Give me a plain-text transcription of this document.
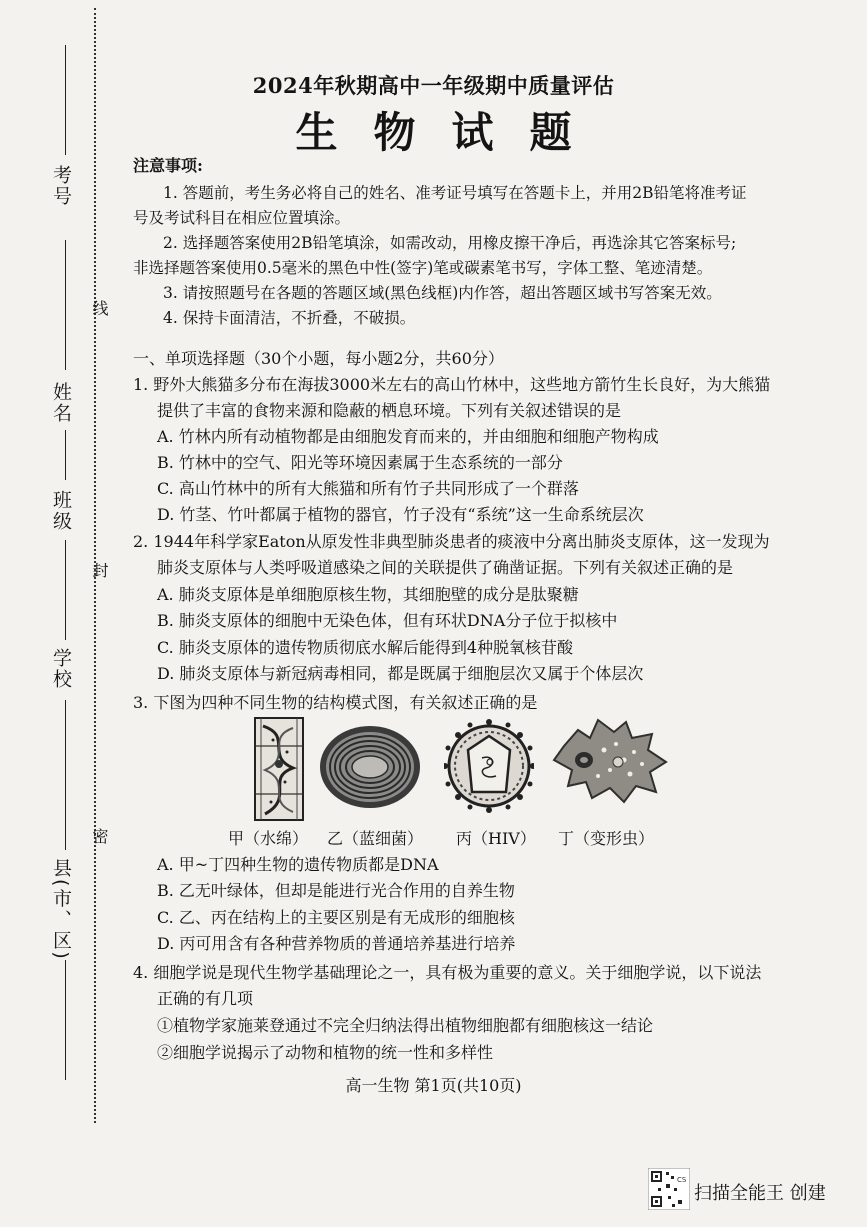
考号
姓名
班级
学校
县(市、区)
线
封
密
2024年秋期高中一年级期中质量评估
生物试题
注意事项:
1. 答题前，考生务必将自己的姓名、准考证号填写在答题卡上，并用2B铅笔将准考证
号及考试科目在相应位置填涂。
2. 选择题答案使用2B铅笔填涂，如需改动，用橡皮擦干净后，再选涂其它答案标号;
非选择题答案使用0.5毫米的黑色中性(签字)笔或碳素笔书写，字体工整、笔迹清楚。
3. 请按照题号在各题的答题区域(黑色线框)内作答，超出答题区域书写答案无效。
4. 保持卡面清洁，不折叠，不破损。
一、单项选择题（30个小题，每小题2分，共60分）
1. 野外大熊猫多分布在海拔3000米左右的高山竹林中，这些地方箭竹生长良好，为大熊猫
提供了丰富的食物来源和隐蔽的栖息环境。下列有关叙述错误的是
A. 竹林内所有动植物都是由细胞发育而来的，并由细胞和细胞产物构成
B. 竹林中的空气、阳光等环境因素属于生态系统的一部分
C. 高山竹林中的所有大熊猫和所有竹子共同形成了一个群落
D. 竹茎、竹叶都属于植物的器官，竹子没有“系统”这一生命系统层次
2. 1944年科学家Eaton从原发性非典型肺炎患者的痰液中分离出肺炎支原体，这一发现为
肺炎支原体与人类呼吸道感染之间的关联提供了确凿证据。下列有关叙述正确的是
A. 肺炎支原体是单细胞原核生物，其细胞壁的成分是肽聚糖
B. 肺炎支原体的细胞中无染色体，但有环状DNA分子位于拟核中
C. 肺炎支原体的遗传物质彻底水解后能得到4种脱氧核苷酸
D. 肺炎支原体与新冠病毒相同，都是既属于细胞层次又属于个体层次
3. 下图为四种不同生物的结构模式图，有关叙述正确的是
甲（水绵） 乙（蓝细菌） 丙（HIV） 丁（变形虫）
A. 甲~丁四种生物的遗传物质都是DNA
B. 乙无叶绿体，但却是能进行光合作用的自养生物
C. 乙、丙在结构上的主要区别是有无成形的细胞核
D. 丙可用含有各种营养物质的普通培养基进行培养
4. 细胞学说是现代生物学基础理论之一，具有极为重要的意义。关于细胞学说，以下说法
正确的有几项
①植物学家施莱登通过不完全归纳法得出植物细胞都有细胞核这一结论
②细胞学说揭示了动物和植物的统一性和多样性
高一生物 第1页(共10页)
CS
扫描全能王 创建
